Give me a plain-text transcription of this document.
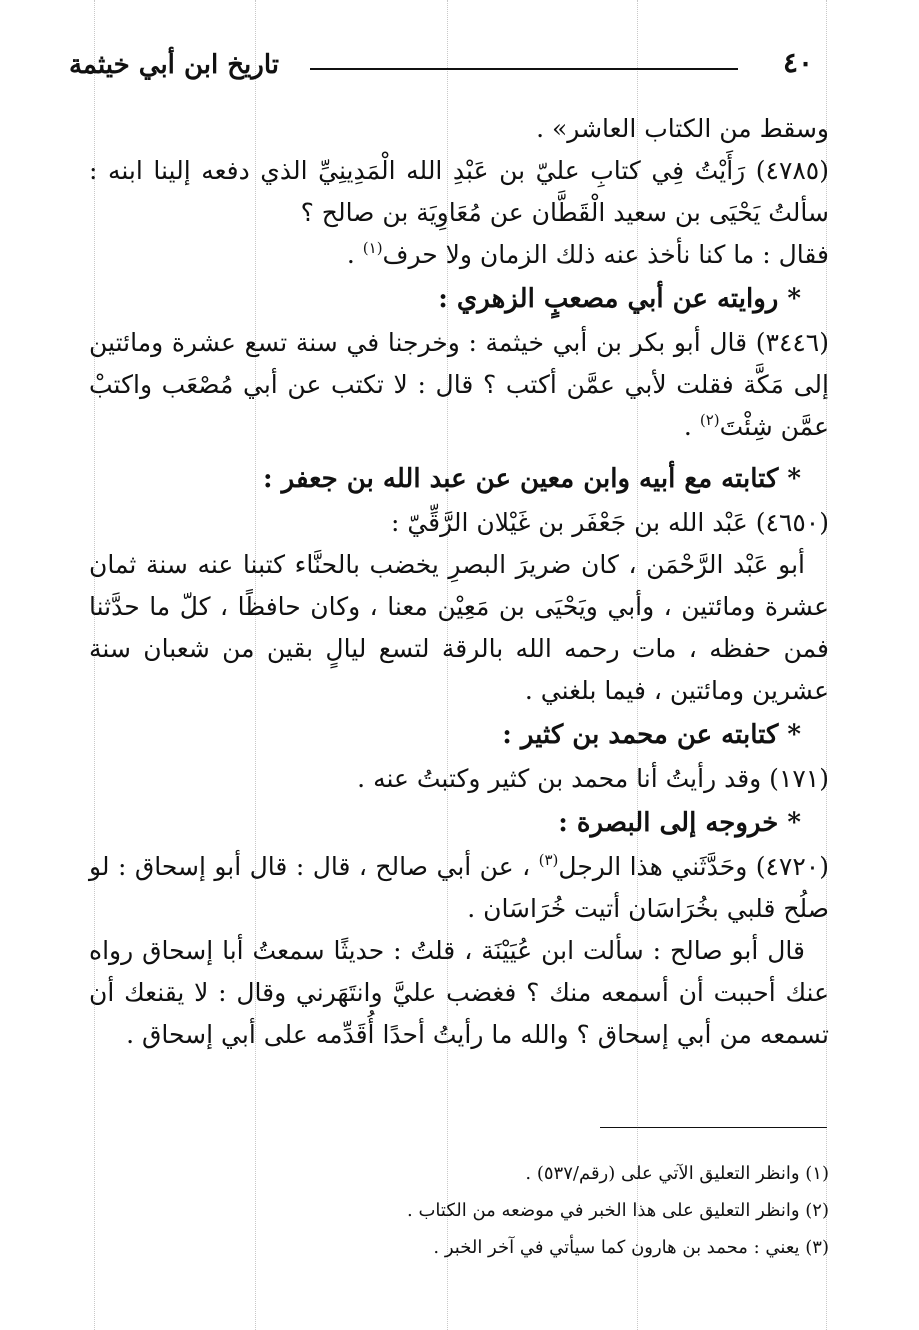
تاريخ ابن أبي خيثمة	٤٠

وسقط من الكتاب العاشر» .

(٤٧٨٥) رَأَيْتُ فِي كتابِ عليّ بن عَبْدِ الله الْمَدِينِيِّ الذي دفعه إلينا ابنه : سألتُ يَحْيَى بن سعيد الْقَطَّان عن مُعَاوِيَة بن صالح ؟

فقال : ما كنا نأخذ عنه ذلك الزمان ولا حرف$^{(١)}$ .

* روايته عن أبي مصعبٍ الزهري :

(٣٤٤٦) قال أبو بكر بن أبي خيثمة : وخرجنا في سنة تسع عشرة ومائتين إلى مَكَّة فقلت لأبي عمَّن أكتب ؟ قال : لا تكتب عن أبي مُصْعَب واكتبْ عمَّن شِئْتَ$^{(٢)}$ .

* كتابته مع أبيه وابن معين عن عبد الله بن جعفر :

(٤٦٥٠) عَبْد الله بن جَعْفَر بن غَيْلان الرَّقِّيّ :

أبو عَبْد الرَّحْمَن ، كان ضريرَ البصرِ يخضب بالحنَّاء كتبنا عنه سنة ثمان عشرة ومائتين ، وأبي ويَحْيَى بن مَعِيْن معنا ، وكان حافظًا ، كلّ ما حدَّثنا فمن حفظه ، مات رحمه الله بالرقة لتسع ليالٍ بقين من شعبان سنة عشرين ومائتين ، فيما بلغني .

* كتابته عن محمد بن كثير :

(١٧١) وقد رأيتُ أنا محمد بن كثير وكتبتُ عنه .

* خروجه إلى البصرة :

(٤٧٢٠) وحَدَّثَني هذا الرجل$^{(٣)}$ ، عن أبي صالح ، قال : قال أبو إسحاق : لو صلُح قلبي بخُرَاسَان أتيت خُرَاسَان .

قال أبو صالح : سألت ابن عُيَيْنَة ، قلتُ : حديثًا سمعتُ أبا إسحاق رواه عنك أحببت أن أسمعه منك ؟ فغضب عليَّ وانتَهَرني وقال : لا يقنعك أن تسمعه من أبي إسحاق ؟ والله ما رأيتُ أحدًا أُقَدِّمه على أبي إسحاق .

(١) وانظر التعليق الآتي على (رقم/٥٣٧) .

(٢) وانظر التعليق على هذا الخبر في موضعه من الكتاب .

(٣) يعني : محمد بن هارون كما سيأتي في آخر الخبر .
